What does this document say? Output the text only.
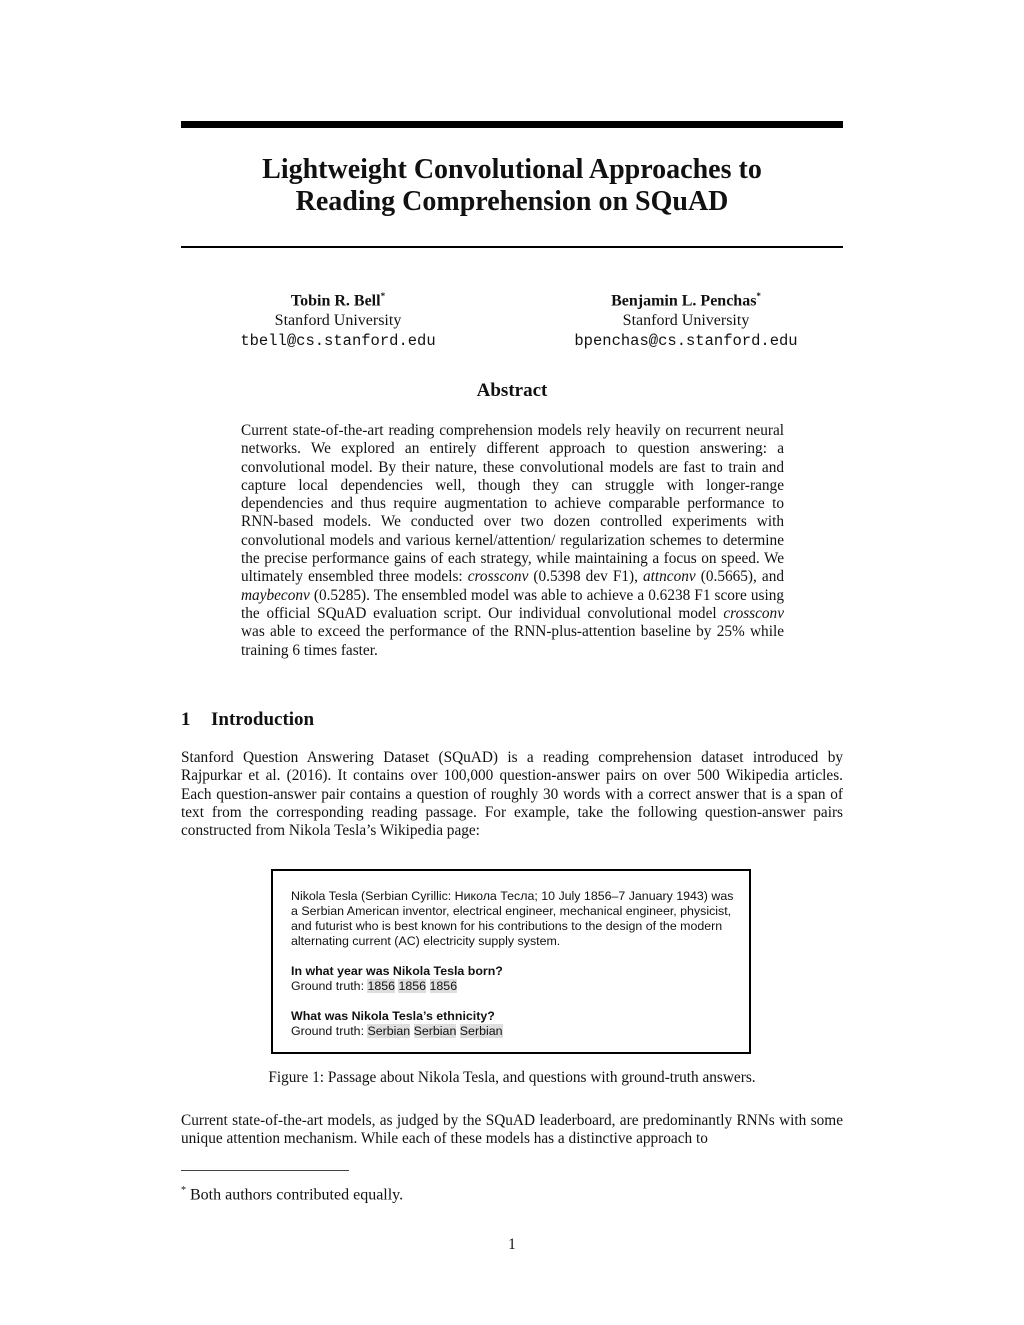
Lightweight Convolutional Approaches to
Reading Comprehension on SQuAD
Tobin R. Bell*
Stanford University
tbell@cs.stanford.edu
Benjamin L. Penchas*
Stanford University
bpenchas@cs.stanford.edu
Abstract
Current state-of-the-art reading comprehension models rely heavily on recurrent neural networks. We explored an entirely different approach to question answering: a convolutional model. By their nature, these convolutional models are fast to train and capture local dependencies well, though they can struggle with longer-range dependencies and thus require augmentation to achieve comparable performance to RNN-based models. We conducted over two dozen controlled experiments with convolutional models and various kernel/attention/ regularization schemes to determine the precise performance gains of each strategy, while maintaining a focus on speed. We ultimately ensembled three models: crossconv (0.5398 dev F1), attnconv (0.5665), and maybeconv (0.5285). The ensembled model was able to achieve a 0.6238 F1 score using the official SQuAD evaluation script. Our individual convolutional model crossconv was able to exceed the performance of the RNN-plus-attention baseline by 25% while training 6 times faster.
1 Introduction
Stanford Question Answering Dataset (SQuAD) is a reading comprehension dataset introduced by Rajpurkar et al. (2016). It contains over 100,000 question-answer pairs on over 500 Wikipedia articles. Each question-answer pair contains a question of roughly 30 words with a correct answer that is a span of text from the corresponding reading passage. For example, take the following question-answer pairs constructed from Nikola Tesla’s Wikipedia page:
Nikola Tesla (Serbian Cyrillic: Никола Тесла; 10 July 1856–7 January 1943) was a Serbian American inventor, electrical engineer, mechanical engineer, physicist, and futurist who is best known for his contributions to the design of the modern alternating current (AC) electricity supply system.
In what year was Nikola Tesla born?
Ground truth: 1856 1856 1856
What was Nikola Tesla’s ethnicity?
Ground truth: Serbian Serbian Serbian
Figure 1: Passage about Nikola Tesla, and questions with ground-truth answers.
Current state-of-the-art models, as judged by the SQuAD leaderboard, are predominantly RNNs with some unique attention mechanism. While each of these models has a distinctive approach to
* Both authors contributed equally.
1
